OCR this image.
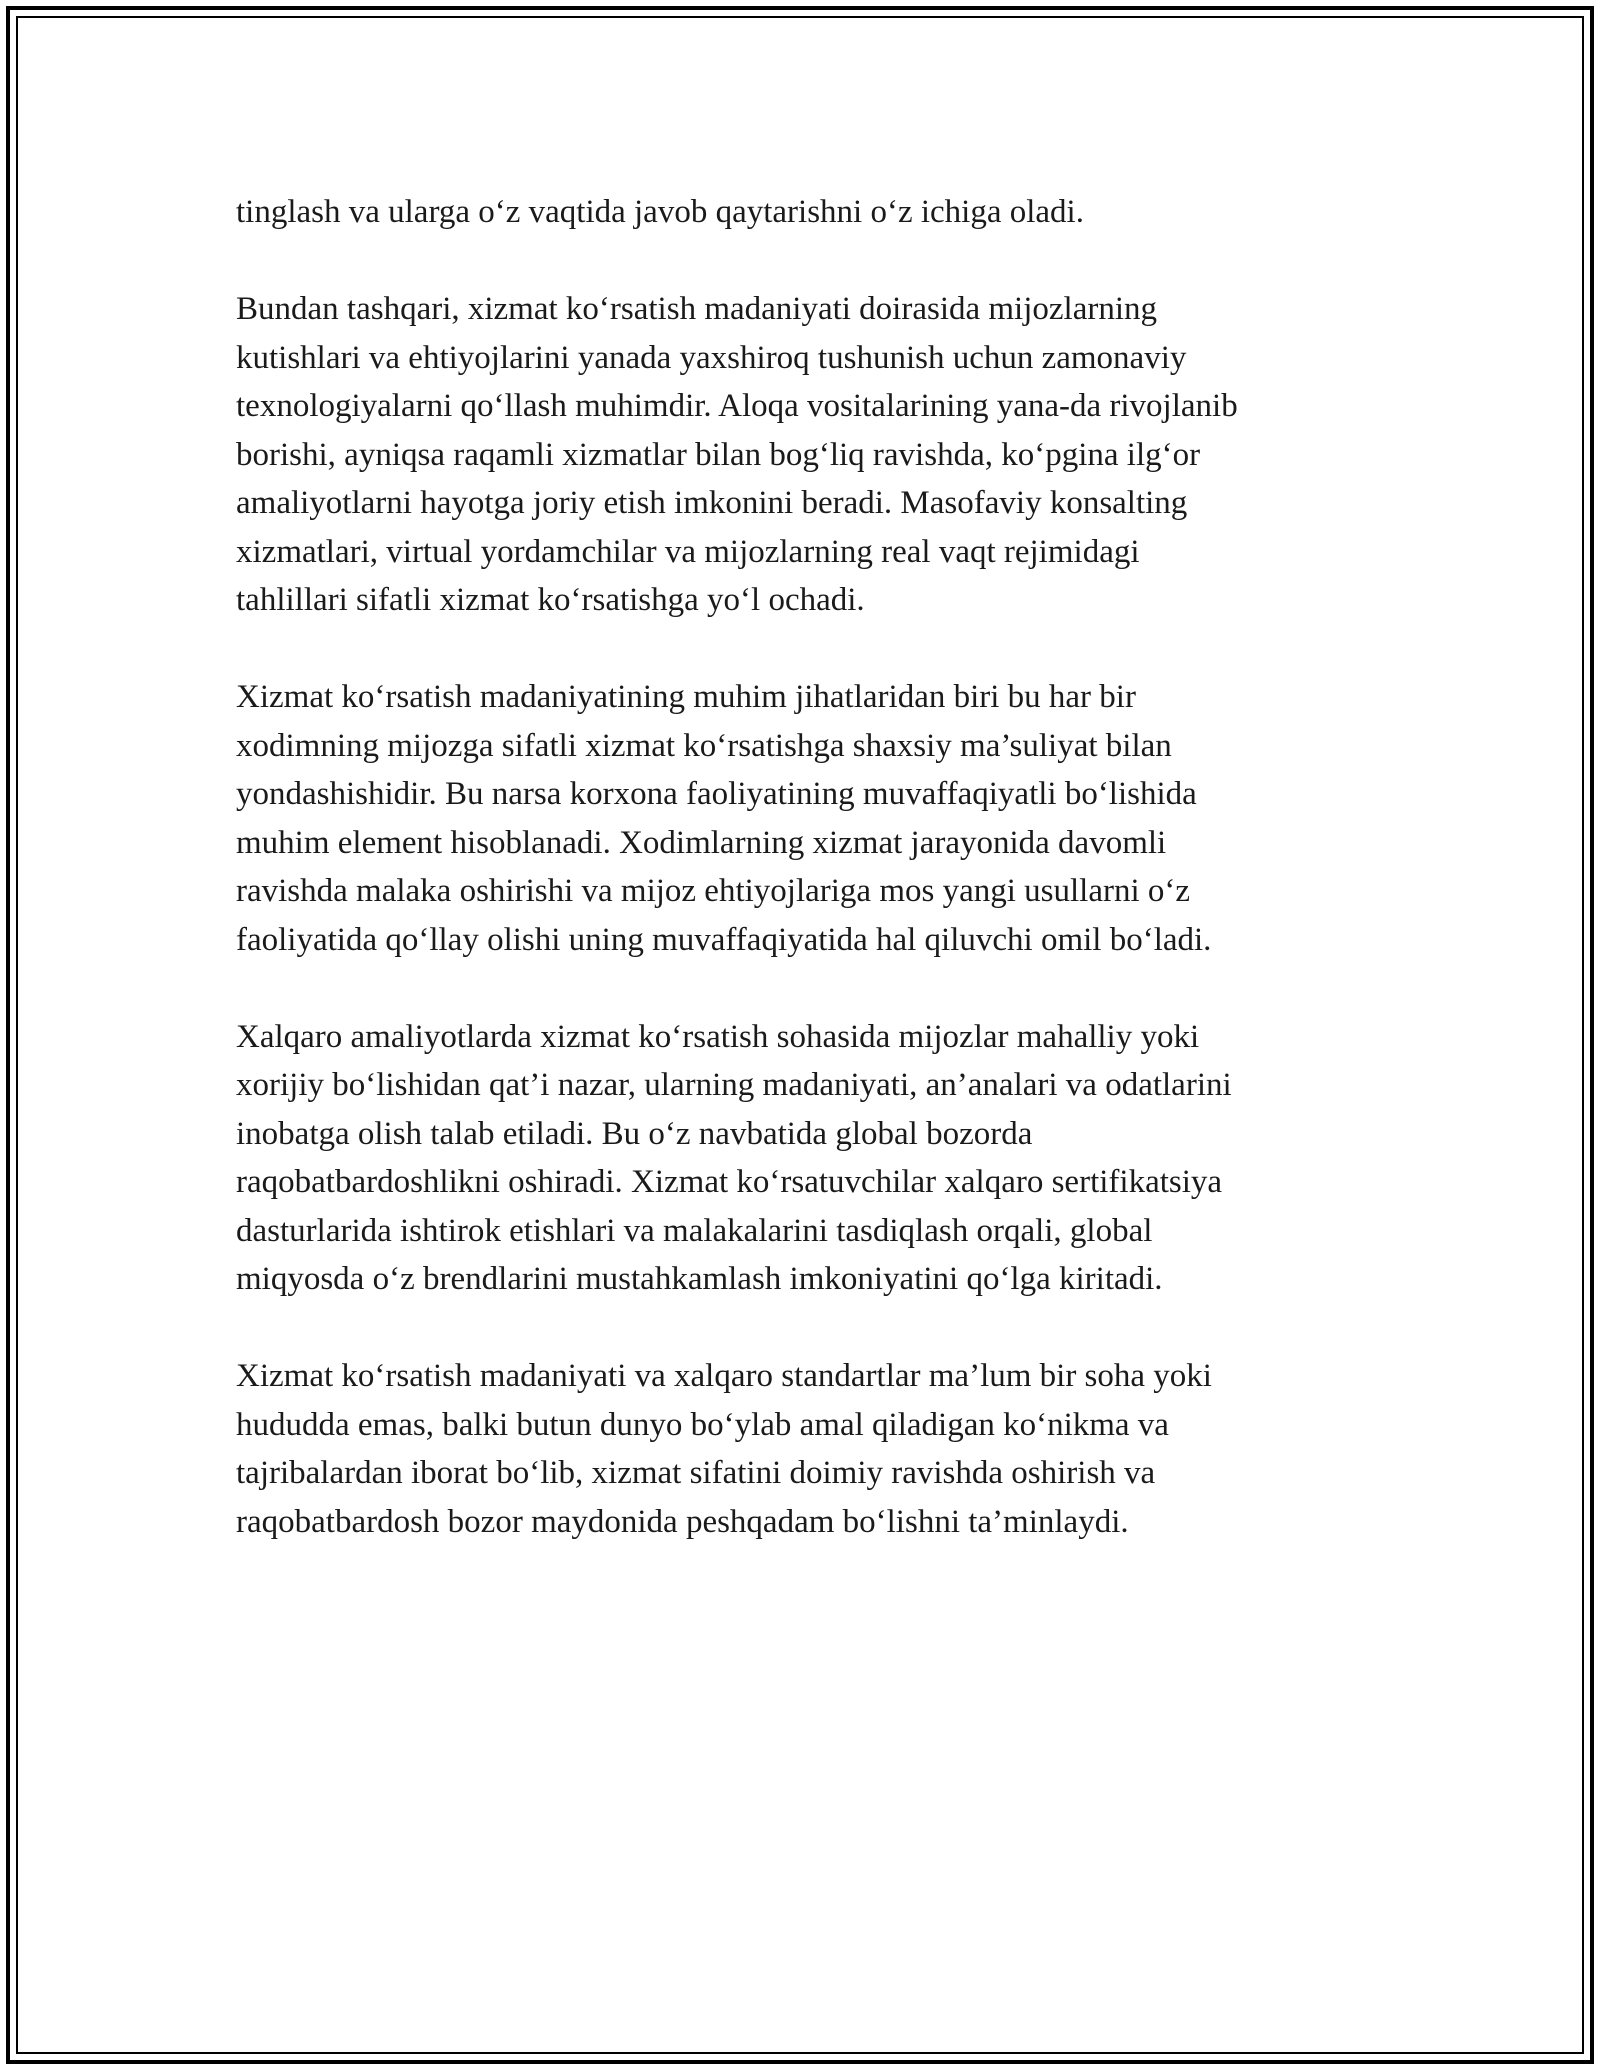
tinglash va ularga o‘z vaqtida javob qaytarishni o‘z ichiga oladi.

Bundan tashqari, xizmat ko‘rsatish madaniyati doirasida mijozlarning
kutishlari va ehtiyojlarini yanada yaxshiroq tushunish uchun zamonaviy
texnologiyalarni qo‘llash muhimdir. Aloqa vositalarining yana-da rivojlanib
borishi, ayniqsa raqamli xizmatlar bilan bog‘liq ravishda, ko‘pgina ilg‘or
amaliyotlarni hayotga joriy etish imkonini beradi. Masofaviy konsalting
xizmatlari, virtual yordamchilar va mijozlarning real vaqt rejimidagi
tahlillari sifatli xizmat ko‘rsatishga yo‘l ochadi.

Xizmat ko‘rsatish madaniyatining muhim jihatlaridan biri bu har bir
xodimning mijozga sifatli xizmat ko‘rsatishga shaxsiy ma’suliyat bilan
yondashishidir. Bu narsa korxona faoliyatining muvaffaqiyatli bo‘lishida
muhim element hisoblanadi. Xodimlarning xizmat jarayonida davomli
ravishda malaka oshirishi va mijoz ehtiyojlariga mos yangi usullarni o‘z
faoliyatida qo‘llay olishi uning muvaffaqiyatida hal qiluvchi omil bo‘ladi.

Xalqaro amaliyotlarda xizmat ko‘rsatish sohasida mijozlar mahalliy yoki
xorijiy bo‘lishidan qat’i nazar, ularning madaniyati, an’analari va odatlarini
inobatga olish talab etiladi. Bu o‘z navbatida global bozorda
raqobatbardoshlikni oshiradi. Xizmat ko‘rsatuvchilar xalqaro sertifikatsiya
dasturlarida ishtirok etishlari va malakalarini tasdiqlash orqali, global
miqyosda o‘z brendlarini mustahkamlash imkoniyatini qo‘lga kiritadi.

Xizmat ko‘rsatish madaniyati va xalqaro standartlar ma’lum bir soha yoki
hududda emas, balki butun dunyo bo‘ylab amal qiladigan ko‘nikma va
tajribalardan iborat bo‘lib, xizmat sifatini doimiy ravishda oshirish va
raqobatbardosh bozor maydonida peshqadam bo‘lishni ta’minlaydi.
